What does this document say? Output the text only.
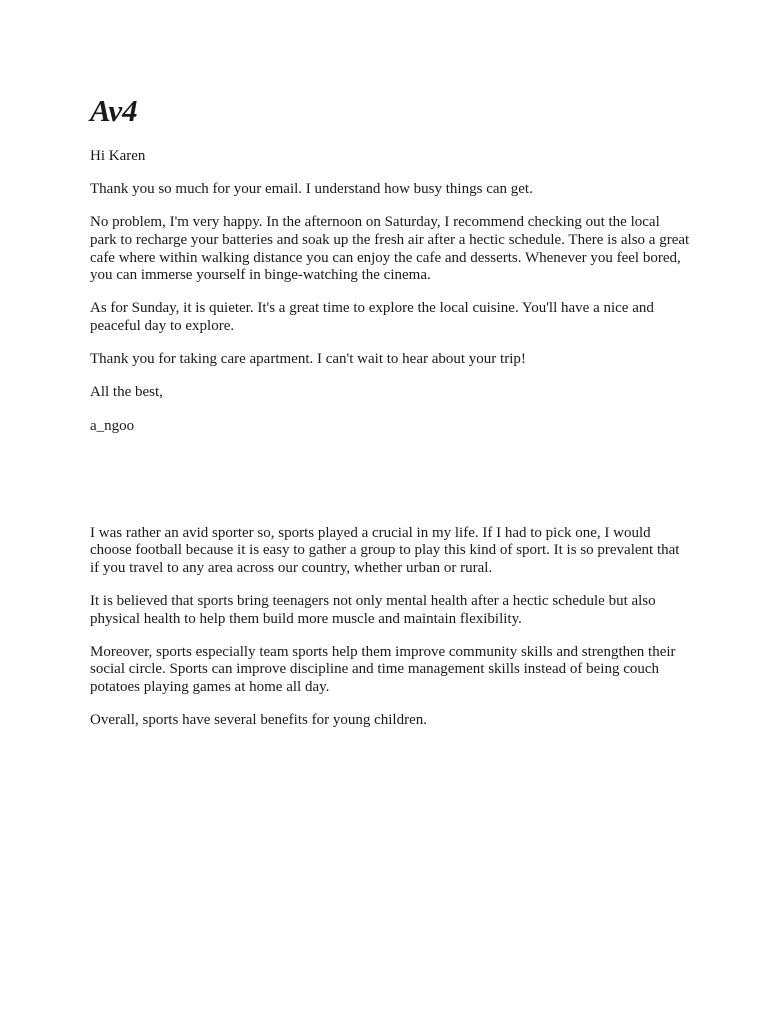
Av4

Hi Karen

Thank you so much for your email. I understand how busy things can get.

No problem, I'm very happy. In the afternoon on Saturday, I recommend checking out the local park to recharge your batteries and soak up the fresh air after a hectic schedule. There is also a great cafe where within walking distance you can enjoy the cafe and desserts. Whenever you feel bored, you can immerse yourself in binge-watching the cinema.

As for Sunday, it is quieter. It's a great time to explore the local cuisine. You'll have a nice and peaceful day to explore.

Thank you for taking care apartment. I can't wait to hear about your trip!

All the best,

a_ngoo

I was rather an avid sporter so, sports played a crucial in my life. If I had to pick one, I would choose football because it is easy to gather a group to play this kind of sport. It is so prevalent that if you travel to any area across our country, whether urban or rural.

It is believed that sports bring teenagers not only mental health after a hectic schedule but also physical health to help them build more muscle and maintain flexibility.

Moreover, sports especially team sports help them improve community skills and strengthen their social circle. Sports can improve discipline and time management skills instead of being couch potatoes playing games at home all day.

Overall, sports have several benefits for young children.
